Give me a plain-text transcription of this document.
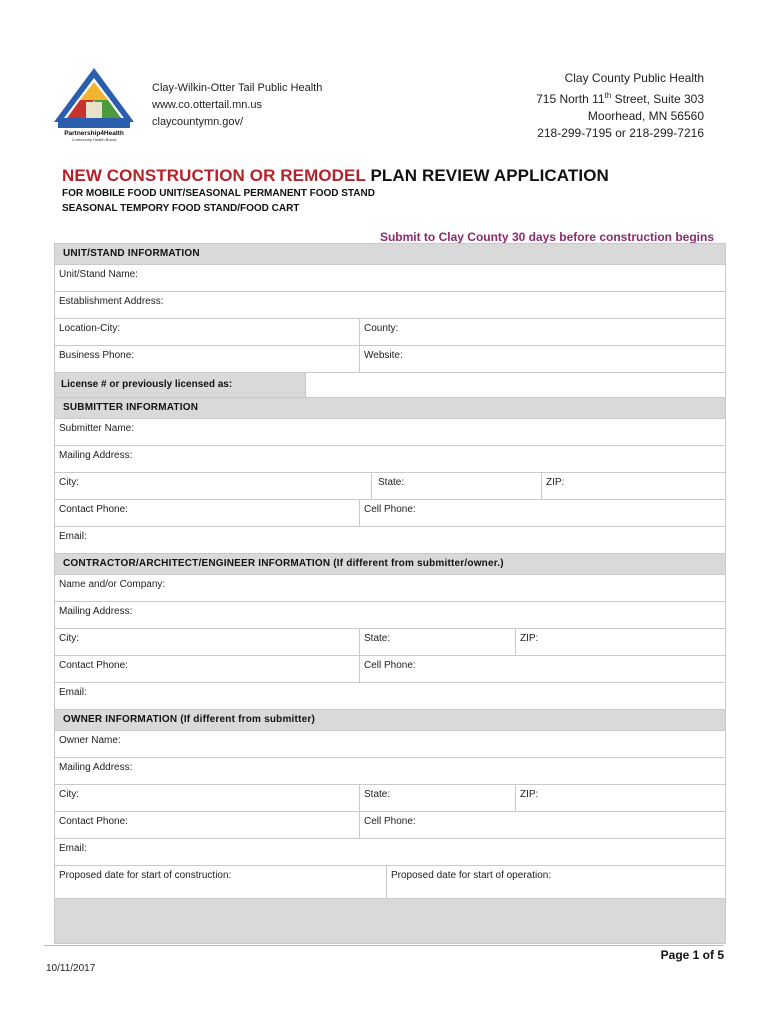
Partnership4Health
Community Health Board
Clay-Wilkin-Otter Tail Public Health
www.co.ottertail.mn.us
claycountymn.gov/
Clay County Public Health
715 North 11th Street, Suite 303
Moorhead, MN 56560
218-299-7195 or 218-299-7216
NEW CONSTRUCTION OR REMODEL PLAN REVIEW APPLICATION
FOR MOBILE FOOD UNIT/SEASONAL PERMANENT FOOD STAND
SEASONAL TEMPORY FOOD STAND/FOOD CART
Submit to Clay County 30 days before construction begins
UNIT/STAND INFORMATION
Unit/Stand Name:
Establishment Address:
Location-City:	County:
Business Phone:	Website:
License # or previously licensed as:
SUBMITTER INFORMATION
Submitter Name:
Mailing Address:
City:	State:	ZIP:
Contact Phone:	Cell Phone:
Email:
CONTRACTOR/ARCHITECT/ENGINEER INFORMATION (If different from submitter/owner.)
Name and/or Company:
Mailing Address:
City:	State:	ZIP:
Contact Phone:	Cell Phone:
Email:
OWNER INFORMATION (If different from submitter)
Owner Name:
Mailing Address:
City:	State:	ZIP:
Contact Phone:	Cell Phone:
Email:
Proposed date for start of construction:	Proposed date for start of operation:
Page 1 of 5
10/11/2017
